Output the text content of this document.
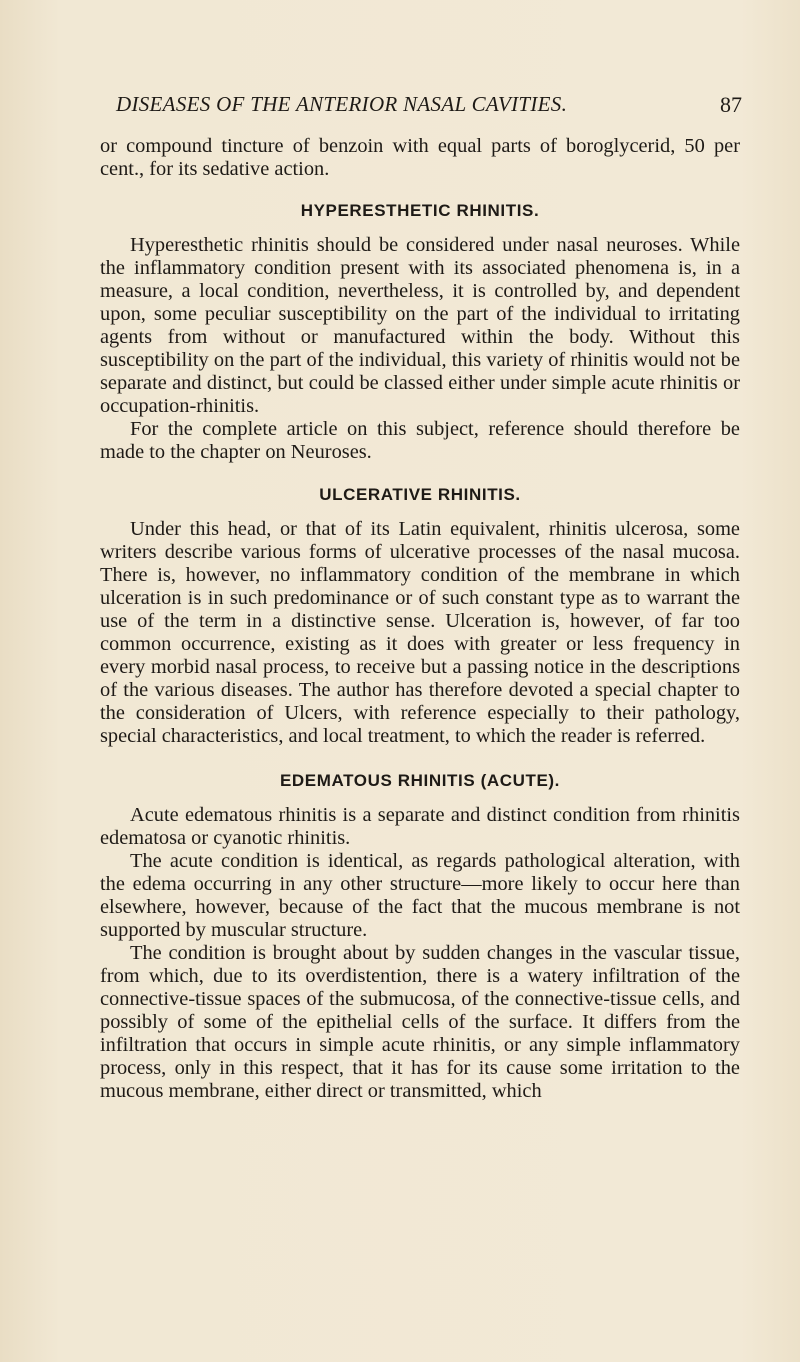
DISEASES OF THE ANTERIOR NASAL CAVITIES.	87

or compound tincture of benzoin with equal parts of boroglycerid, 50 per cent., for its sedative action.

HYPERESTHETIC RHINITIS.

Hyperesthetic rhinitis should be considered under nasal neuroses. While the inflammatory condition present with its associated phenomena is, in a measure, a local condition, nevertheless, it is controlled by, and dependent upon, some peculiar susceptibility on the part of the individual to irritating agents from without or manufactured within the body. Without this susceptibility on the part of the individual, this variety of rhinitis would not be separate and distinct, but could be classed either under simple acute rhinitis or occupation-rhinitis.

For the complete article on this subject, reference should therefore be made to the chapter on Neuroses.

ULCERATIVE RHINITIS.

Under this head, or that of its Latin equivalent, rhinitis ulcerosa, some writers describe various forms of ulcerative processes of the nasal mucosa. There is, however, no inflammatory condition of the membrane in which ulceration is in such predominance or of such constant type as to warrant the use of the term in a distinctive sense. Ulceration is, however, of far too common occurrence, existing as it does with greater or less frequency in every morbid nasal process, to receive but a passing notice in the descriptions of the various diseases. The author has therefore devoted a special chapter to the consideration of Ulcers, with reference especially to their pathology, special characteristics, and local treatment, to which the reader is referred.

EDEMATOUS RHINITIS (ACUTE).

Acute edematous rhinitis is a separate and distinct condition from rhinitis edematosa or cyanotic rhinitis.

The acute condition is identical, as regards pathological alteration, with the edema occurring in any other structure—more likely to occur here than elsewhere, however, because of the fact that the mucous membrane is not supported by muscular structure.

The condition is brought about by sudden changes in the vascular tissue, from which, due to its overdistention, there is a watery infiltration of the connective-tissue spaces of the submucosa, of the connective-tissue cells, and possibly of some of the epithelial cells of the surface. It differs from the infiltration that occurs in simple acute rhinitis, or any simple inflammatory process, only in this respect, that it has for its cause some irritation to the mucous membrane, either direct or transmitted, which
